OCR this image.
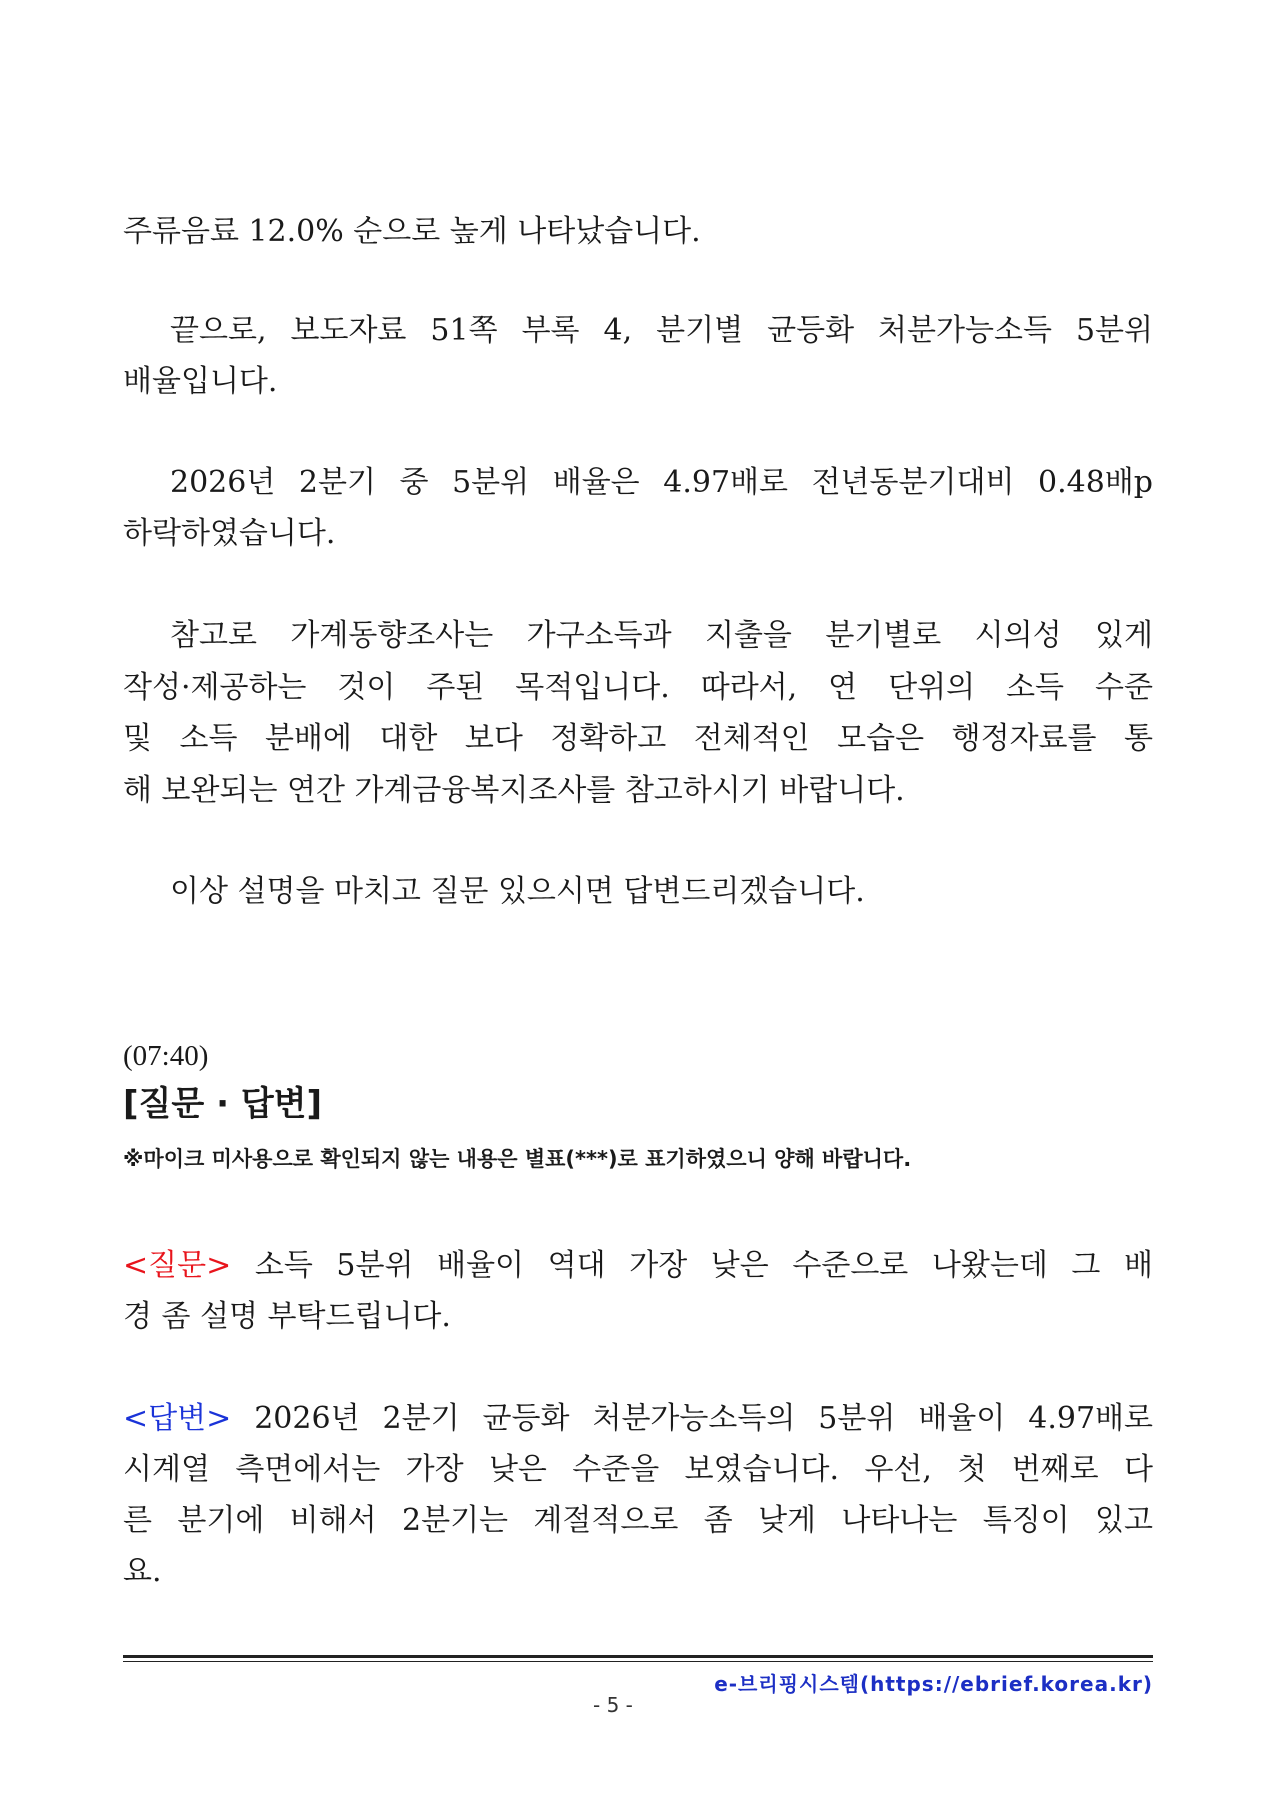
주류음료 12.0% 순으로 높게 나타났습니다.
끝으로, 보도자료 51쪽 부록 4, 분기별 균등화 처분가능소득 5분위
배율입니다.
2026년 2분기 중 5분위 배율은 4.97배로 전년동분기대비 0.48배p
하락하였습니다.
참고로 가계동향조사는 가구소득과 지출을 분기별로 시의성 있게
작성·제공하는 것이 주된 목적입니다. 따라서, 연 단위의 소득 수준
및 소득 분배에 대한 보다 정확하고 전체적인 모습은 행정자료를 통
해 보완되는 연간 가계금융복지조사를 참고하시기 바랍니다.
이상 설명을 마치고 질문 있으시면 답변드리겠습니다.
(07:40)
[질문 · 답변]
※마이크 미사용으로 확인되지 않는 내용은 별표(***)로 표기하였으니 양해 바랍니다.
<질문> 소득 5분위 배율이 역대 가장 낮은 수준으로 나왔는데 그 배
경 좀 설명 부탁드립니다.
<답변> 2026년 2분기 균등화 처분가능소득의 5분위 배율이 4.97배로
시계열 측면에서는 가장 낮은 수준을 보였습니다. 우선, 첫 번째로 다
른 분기에 비해서 2분기는 계절적으로 좀 낮게 나타나는 특징이 있고
요.
e-브리핑시스템(https://ebrief.korea.kr)
- 5 -
